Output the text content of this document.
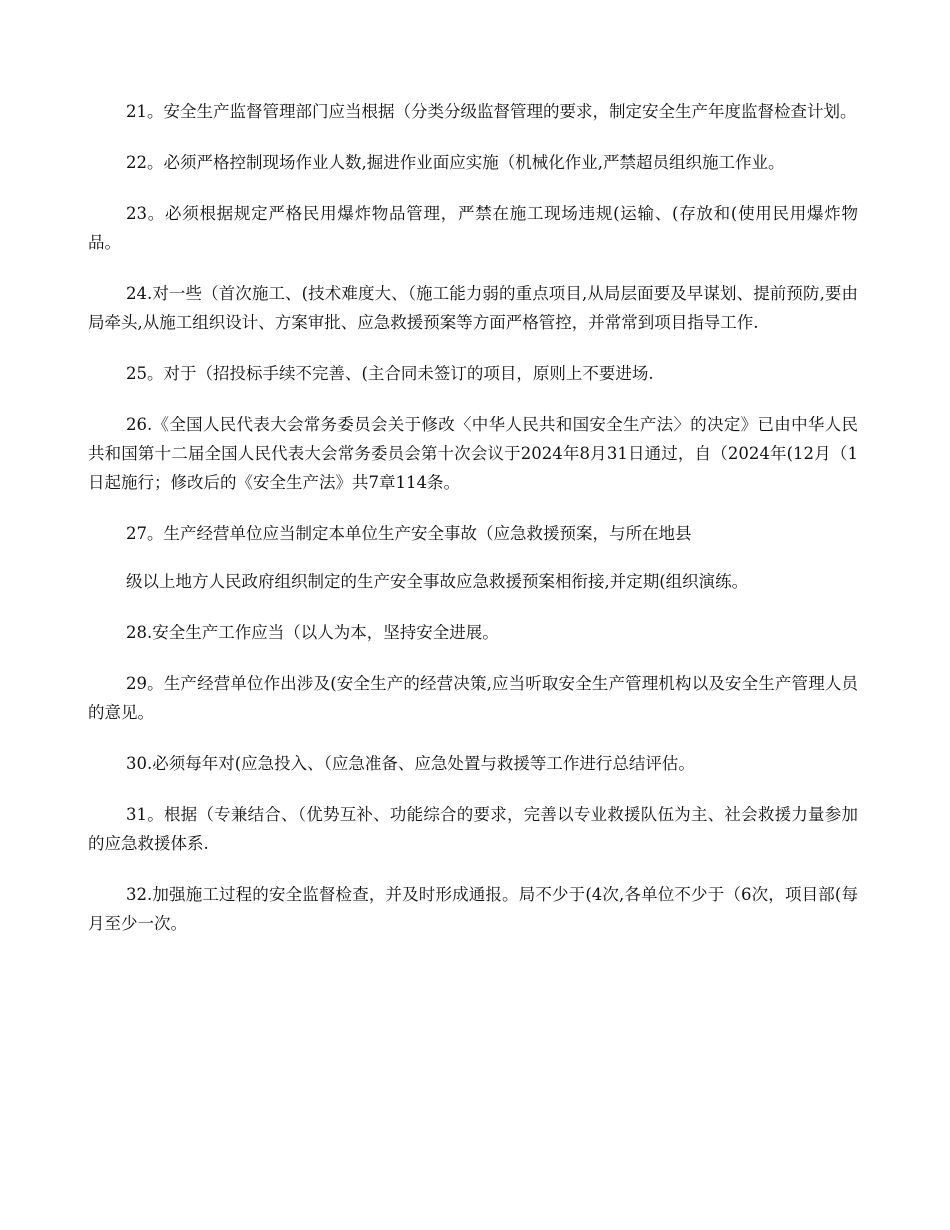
21。安全生产监督管理部门应当根据（分类分级监督管理的要求，制定安全生产年度监督检查计划。

22。必须严格控制现场作业人数,掘进作业面应实施（机械化作业,严禁超员组织施工作业。

23。必须根据规定严格民用爆炸物品管理，严禁在施工现场违规(运输、(存放和(使用民用爆炸物品。

24.对一些（首次施工、(技术难度大、（施工能力弱的重点项目,从局层面要及早谋划、提前预防,要由局牵头,从施工组织设计、方案审批、应急救援预案等方面严格管控，并常常到项目指导工作.

25。对于（招投标手续不完善、(主合同未签订的项目，原则上不要进场.

26.《全国人民代表大会常务委员会关于修改〈中华人民共和国安全生产法〉的决定》已由中华人民共和国第十二届全国人民代表大会常务委员会第十次会议于2024年8月31日通过，自（2024年(12月（1日起施行；修改后的《安全生产法》共7章114条。

27。生产经营单位应当制定本单位生产安全事故（应急救援预案，与所在地县

级以上地方人民政府组织制定的生产安全事故应急救援预案相衔接,并定期(组织演练。

28.安全生产工作应当（以人为本，坚持安全进展。

29。生产经营单位作出涉及(安全生产的经营决策,应当听取安全生产管理机构以及安全生产管理人员的意见。

30.必须每年对(应急投入、（应急准备、应急处置与救援等工作进行总结评估。

31。根据（专兼结合、（优势互补、功能综合的要求，完善以专业救援队伍为主、社会救援力量参加的应急救援体系.

32.加强施工过程的安全监督检查，并及时形成通报。局不少于(4次,各单位不少于（6次，项目部(每月至少一次。
